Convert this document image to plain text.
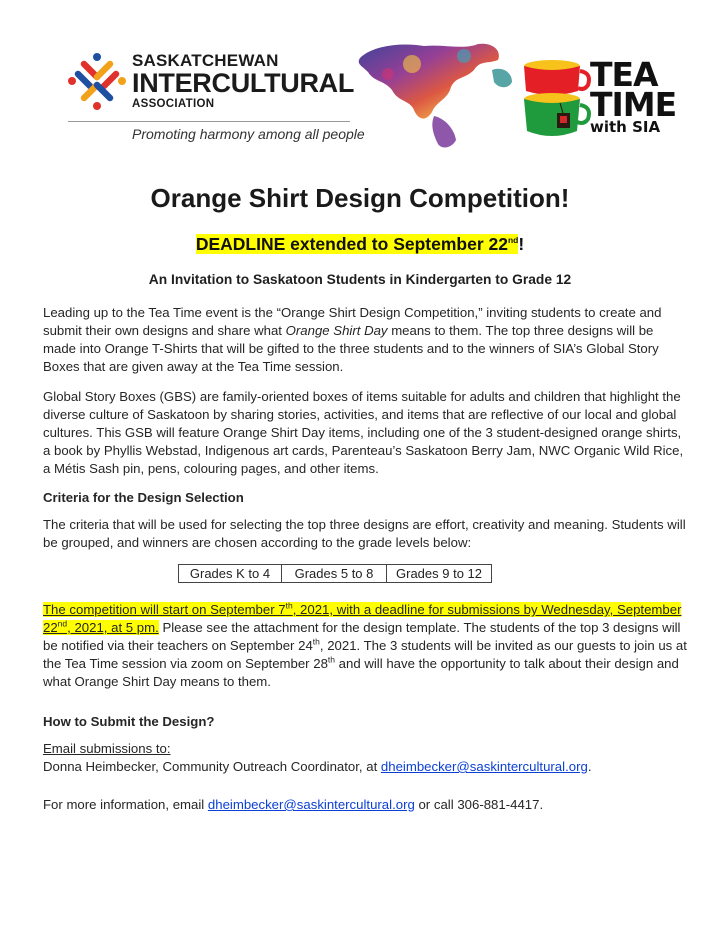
SASKATCHEWAN
INTERCULTURAL
ASSOCIATION
Promoting harmony among all people
TEA
TIME
with SIA
Orange Shirt Design Competition!
DEADLINE extended to September 22nd!
An Invitation to Saskatoon Students in Kindergarten to Grade 12

Leading up to the Tea Time event is the “Orange Shirt Design Competition,” inviting students to create and submit their own designs and share what Orange Shirt Day means to them. The top three designs will be made into Orange T-Shirts that will be gifted to the three students and to the winners of SIA’s Global Story Boxes that are given away at the Tea Time session.

Global Story Boxes (GBS) are family-oriented boxes of items suitable for adults and children that highlight the diverse culture of Saskatoon by sharing stories, activities, and items that are reflective of our local and global cultures. This GSB will feature Orange Shirt Day items, including one of the 3 student-designed orange shirts, a book by Phyllis Webstad, Indigenous art cards, Parenteau’s Saskatoon Berry Jam, NWC Organic Wild Rice, a Métis Sash pin, pens, colouring pages, and other items.

Criteria for the Design Selection

The criteria that will be used for selecting the top three designs are effort, creativity and meaning. Students will be grouped, and winners are chosen according to the grade levels below:

Grades K to 4	Grades 5 to 8	Grades 9 to 12

The competition will start on September 7th, 2021, with a deadline for submissions by Wednesday, September 22nd, 2021, at 5 pm. Please see the attachment for the design template. The students of the top 3 designs will be notified via their teachers on September 24th, 2021. The 3 students will be invited as our guests to join us at the Tea Time session via zoom on September 28th and will have the opportunity to talk about their design and what Orange Shirt Day means to them.

How to Submit the Design?

Email submissions to:
Donna Heimbecker, Community Outreach Coordinator, at dheimbecker@saskintercultural.org.

For more information, email dheimbecker@saskintercultural.org or call 306-881-4417.
